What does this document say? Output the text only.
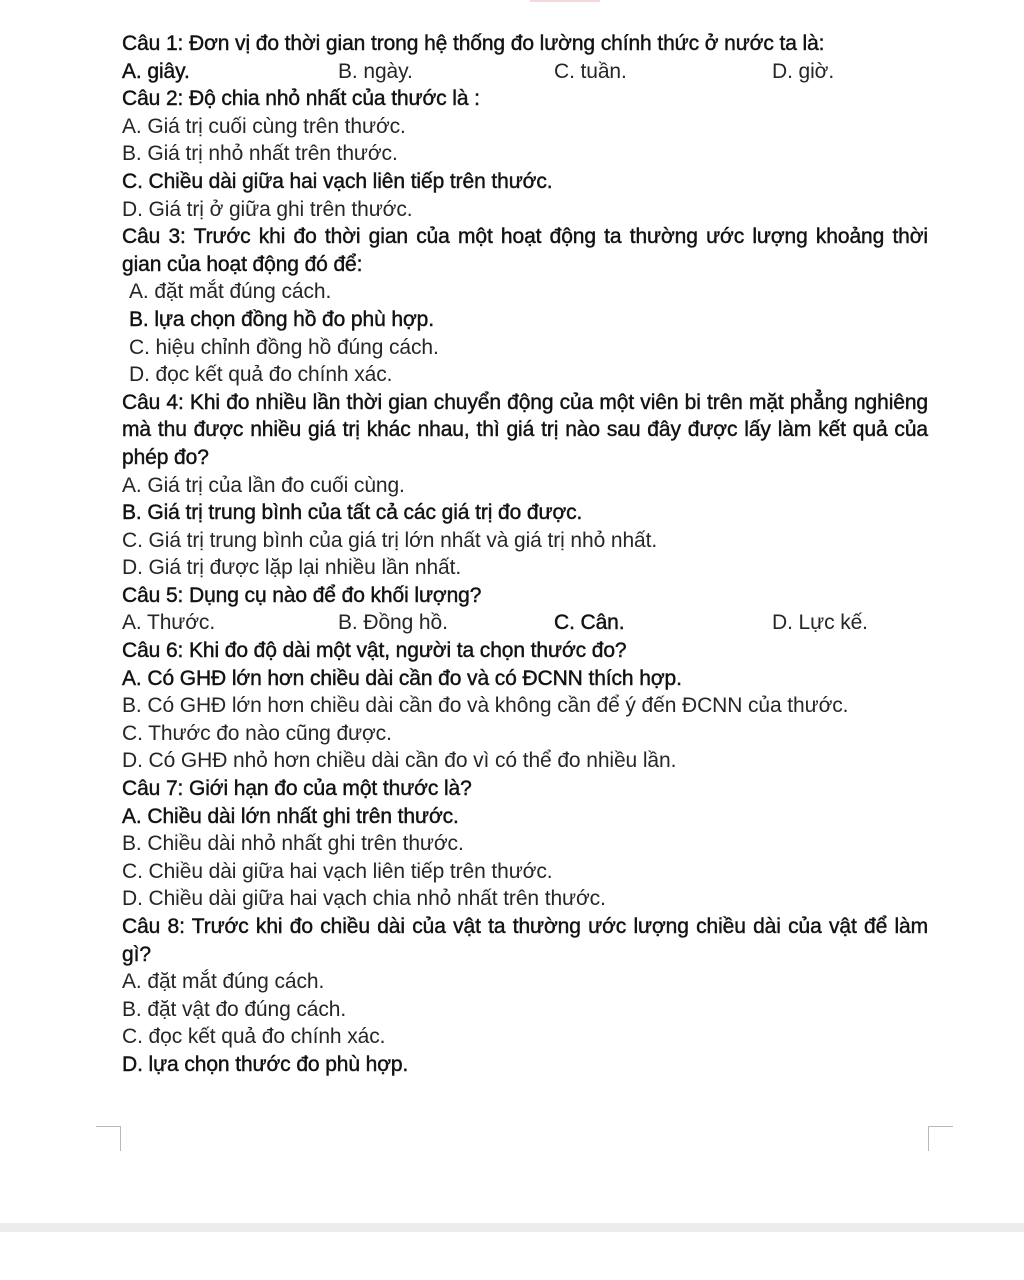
Câu 1: Đơn vị đo thời gian trong hệ thống đo lường chính thức ở nước ta là:
A. giây.	B. ngày.	C. tuần.	D. giờ.
Câu 2: Độ chia nhỏ nhất của thước là :
A. Giá trị cuối cùng trên thước.
B. Giá trị nhỏ nhất trên thước.
C. Chiều dài giữa hai vạch liên tiếp trên thước.
D. Giá trị ở giữa ghi trên thước.
Câu 3: Trước khi đo thời gian của một hoạt động ta thường ước lượng khoảng thời gian của hoạt động đó để:
A. đặt mắt đúng cách.
B. lựa chọn đồng hồ đo phù hợp.
C. hiệu chỉnh đồng hồ đúng cách.
D. đọc kết quả đo chính xác.
Câu 4: Khi đo nhiều lần thời gian chuyển động của một viên bi trên mặt phẳng nghiêng mà thu được nhiều giá trị khác nhau, thì giá trị nào sau đây được lấy làm kết quả của phép đo?
A. Giá trị của lần đo cuối cùng.
B. Giá trị trung bình của tất cả các giá trị đo được.
C. Giá trị trung bình của giá trị lớn nhất và giá trị nhỏ nhất.
D. Giá trị được lặp lại nhiều lần nhất.
Câu 5: Dụng cụ nào để đo khối lượng?
A. Thước.	B. Đồng hồ.	C. Cân.	D. Lực kế.
Câu 6: Khi đo độ dài một vật, người ta chọn thước đo?
A. Có GHĐ lớn hơn chiều dài cần đo và có ĐCNN thích hợp.
B. Có GHĐ lớn hơn chiều dài cần đo và không cần để ý đến ĐCNN của thước.
C. Thước đo nào cũng được.
D. Có GHĐ nhỏ hơn chiều dài cần đo vì có thể đo nhiều lần.
Câu 7: Giới hạn đo của một thước là?
A. Chiều dài lớn nhất ghi trên thước.
B. Chiều dài nhỏ nhất ghi trên thước.
C. Chiều dài giữa hai vạch liên tiếp trên thước.
D. Chiều dài giữa hai vạch chia nhỏ nhất trên thước.
Câu 8: Trước khi đo chiều dài của vật ta thường ước lượng chiều dài của vật để làm gì?
A. đặt mắt đúng cách.
B. đặt vật đo đúng cách.
C. đọc kết quả đo chính xác.
D. lựa chọn thước đo phù hợp.
